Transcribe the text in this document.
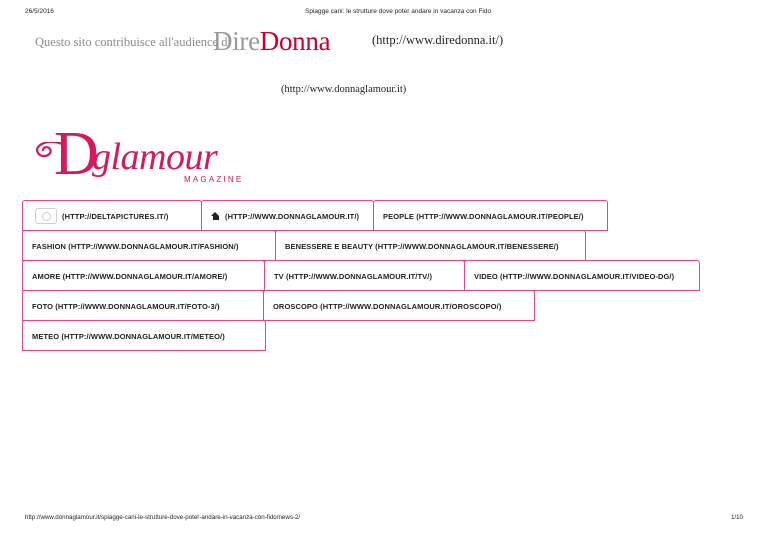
26/5/2016	Spiagge cani: le strutture dove poter andare in vacanza con Fido
Questo sito contribuisce all'audience di
DireDonna	(http://www.diredonna.it/)
(http://www.donnaglamour.it)
D
glamour
MAGAZINE
(HTTP://DELTAPICTURES.IT/)	(HTTP://WWW.DONNAGLAMOUR.IT/)	PEOPLE (HTTP://WWW.DONNAGLAMOUR.IT/PEOPLE/)
FASHION (HTTP://WWW.DONNAGLAMOUR.IT/FASHION/)	BENESSERE E BEAUTY (HTTP://WWW.DONNAGLAMOUR.IT/BENESSERE/)
AMORE (HTTP://WWW.DONNAGLAMOUR.IT/AMORE/)	TV (HTTP://WWW.DONNAGLAMOUR.IT/TV/)	VIDEO (HTTP://WWW.DONNAGLAMOUR.IT/VIDEO-DG/)
FOTO (HTTP://WWW.DONNAGLAMOUR.IT/FOTO-3/)	OROSCOPO (HTTP://WWW.DONNAGLAMOUR.IT/OROSCOPO/)
METEO (HTTP://WWW.DONNAGLAMOUR.IT/METEO/)
http://www.donnaglamour.it/spiagge-cani-le-strutture-dove-poter-andare-in-vacanza-con-fido/news-2/	1/10
